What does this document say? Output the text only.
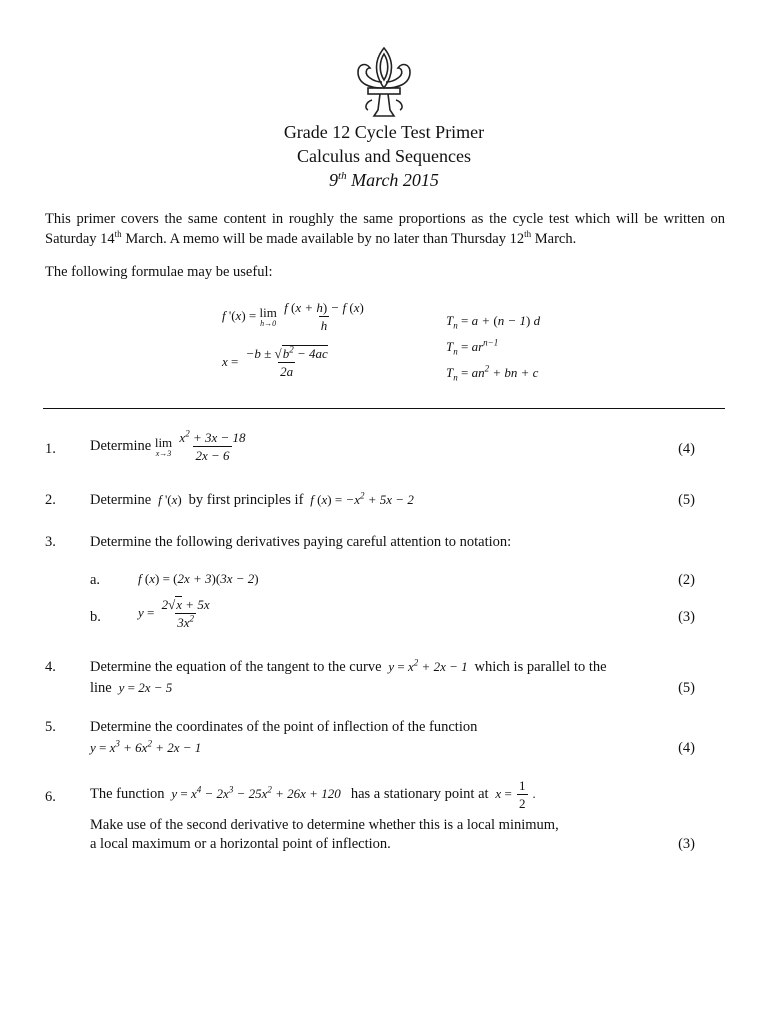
Grade 12 Cycle Test Primer
Calculus and Sequences
9th March 2015
This primer covers the same content in roughly the same proportions as the cycle test which will be written on Saturday 14th March. A memo will be made available by no later than Thursday 12th March.
The following formulae may be useful:
f '(x) = lim
h→0
$\frac{f (x + h) - f (x)}{h}$
$x = \frac{-b \pm √b^2 - 4ac}{2a}$
$T_n = a + (n - 1)$ d
$T_n = ar^{n-1}$
$T_n = an^2$ + bn + c
1. Determine lim
x→3
$\frac{x^2 + 3x - 18}{2x - 6}$	(4)
2. Determine  f '(x) by first principles if  f $(x) = -x^2 + 5x - 2$	(5)
3. Determine the following derivatives paying careful attention to notation:
a.	f (x) = (2x + 3)(3x − 2)	(2)
b.	$y = \frac{2√x + 5x}{3x^2}$	(3)
4. Determine the equation of the tangent to the curve  $y = x^2 + 2x - 1$  which is parallel to the
line  y = 2x − 5	(5)
5. Determine the coordinates of the point of inflection of the function
$y = x^3 + 6x^2 + 2x - 1$	(4)
6. The function  $y = x^4 - 2x^3 - 25x^2 + 26x + 120$   has a stationary point at  $x = \frac{1}{2}$ .
Make use of the second derivative to determine whether this is a local minimum,
a local maximum or a horizontal point of inflection.	(3)
